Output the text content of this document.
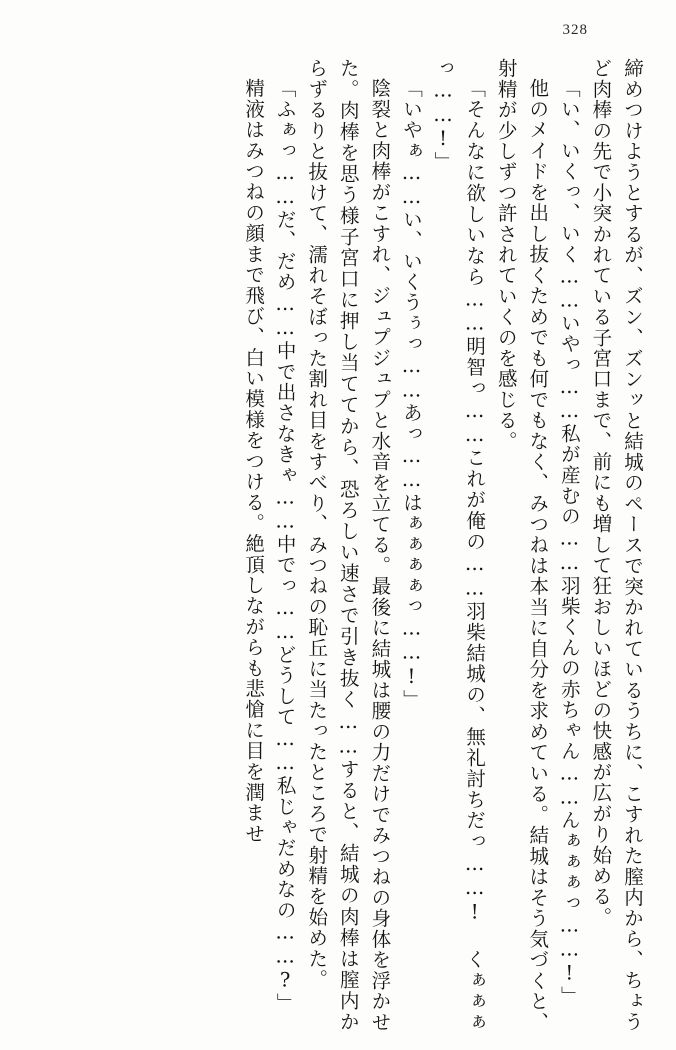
328

締めつけようとするが、ズン、ズンッと結城のペースで突かれているうちに、こすれた膣内から、ちょうど肉棒の先で小突かれている子宮口まで、前にも増して狂おしいほどの快感が広がり始める。

「い、いくっ、いく……いやっ……私が産むの……羽柴くんの赤ちゃん……んぁぁぁっ……!」

他のメイドを出し抜くためでも何でもなく、みつねは本当に自分を求めている。結城はそう気づくと、射精が少しずつ許されていくのを感じる。

「そんなに欲しいなら……明智っ……これが俺の……羽柴結城の、無礼討ちだっ……! くぁぁぁっ……!」

「いやぁ……い、いくうぅっ……あっ……はぁぁぁぁっ……!」

陰裂と肉棒がこすれ、ジュプジュプと水音を立てる。最後に結城は腰の力だけでみつねの身体を浮かせた。肉棒を思う様子宮口に押し当ててから、恐ろしい速さで引き抜く……すると、結城の肉棒は膣内からずるりと抜けて、濡れそぼった割れ目をすべり、みつねの恥丘に当たったところで射精を始めた。

「ふぁっ……だ、だめ……中で出さなきゃ……中でっ……どうして……私じゃだめなの……?」

精液はみつねの顔まで飛び、白い模様をつける。絶頂しながらも悲愴に目を潤ませ
